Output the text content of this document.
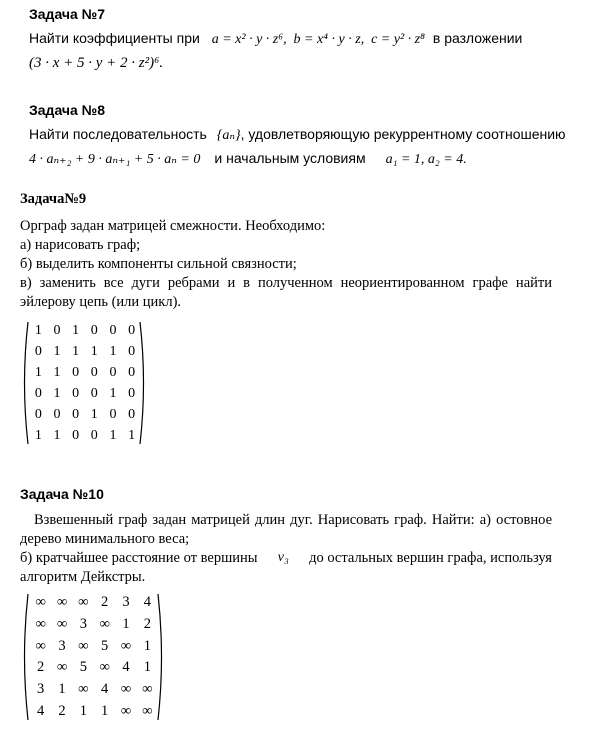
Задача №7
Найти коэффициенты при a = x² · y · z⁶, b = x⁴ · y · z, c = y² · z⁸ в разложении
(3 · x + 5 · y + 2 · z²)⁶.
Задача №8
Найти последовательность {aₙ}, удовлетворяющую рекуррентному соотношению
4 · aₙ₊₂ + 9 · aₙ₊₁ + 5 · aₙ = 0 и начальным условиям a₁ = 1, a₂ = 4.
Задача№9
Орграф задан матрицей смежности. Необходимо:
а) нарисовать граф;
б) выделить компоненты сильной связности;
в) заменить все дуги ребрами и в полученном неориентированном графе найти
эйлерову цепь (или цикл).
1	0	1	0	0	0
0	1	1	1	1	0
1	1	0	0	0	0
0	1	0	0	1	0
0	0	0	1	0	0
1	1	0	0	1	1
Задача №10
Взвешенный граф задан матрицей длин дуг. Нарисовать граф. Найти: а) остовное
дерево минимального веса;
б) кратчайшее расстояние от вершины v₃ до остальных вершин графа, используя
алгоритм Дейкстры.
∞	∞	∞	2	3	4
∞	∞	3	∞	1	2
∞	3	∞	5	∞	1
2	∞	5	∞	4	1
3	1	∞	4	∞	∞
4	2	1	1	∞	∞
